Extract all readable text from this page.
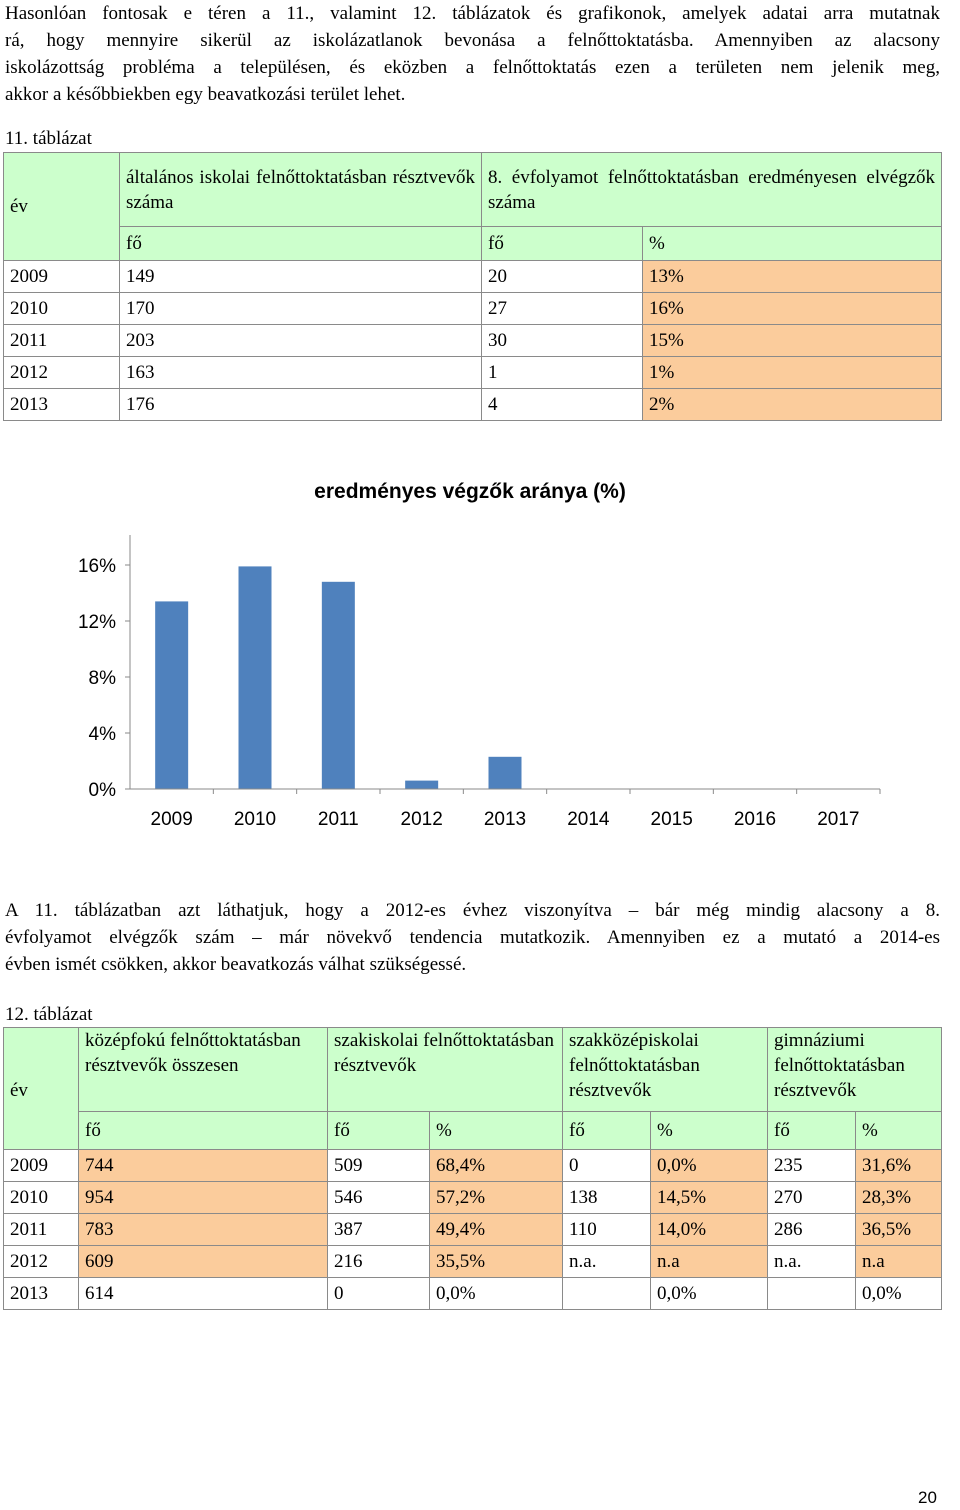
Hasonlóan fontosak e téren a 11., valamint 12. táblázatok és grafikonok, amelyek adatai arra mutatnak
rá, hogy mennyire sikerül az iskolázatlanok bevonása a felnőttoktatásba. Amennyiben az alacsony
iskolázottság probléma a településen, és eközben a felnőttoktatás ezen a területen nem jelenik meg,
akkor a későbbiekben egy beavatkozási terület lehet.
11. táblázat
év	általános iskolai felnőttoktatásban résztvevők száma	8. évfolyamot felnőttoktatásban eredményesen elvégzők száma	
	fő	fő	%
2009	149	20	13%
2010	170	27	16%
2011	203	30	15%
2012	163	1	1%
2013	176	4	2%
eredményes végzők aránya (%)
0%
4%
8%
12%
16%
2009 2010 2011 2012 2013 2014 2015 2016 2017
A 11. táblázatban azt láthatjuk, hogy a 2012-es évhez viszonyítva – bár még mindig alacsony a 8.
évfolyamot elvégzők szám – már növekvő tendencia mutatkozik. Amennyiben ez a mutató a 2014-es
évben ismét csökken, akkor beavatkozás válhat szükségessé.
12. táblázat
év	középfokú felnőttoktatásban résztvevők összesen	szakiskolai felnőttoktatásban résztvevők		szakközépiskolai felnőttoktatásban résztvevők		gimnáziumi felnőttoktatásban résztvevők	
	fő	fő	%	fő	%	fő	%
2009	744	509	68,4%	0	0,0%	235	31,6%
2010	954	546	57,2%	138	14,5%	270	28,3%
2011	783	387	49,4%	110	14,0%	286	36,5%
2012	609	216	35,5%	n.a.	n.a	n.a.	n.a
2013	614	0	0,0%		0,0%		0,0%
20
